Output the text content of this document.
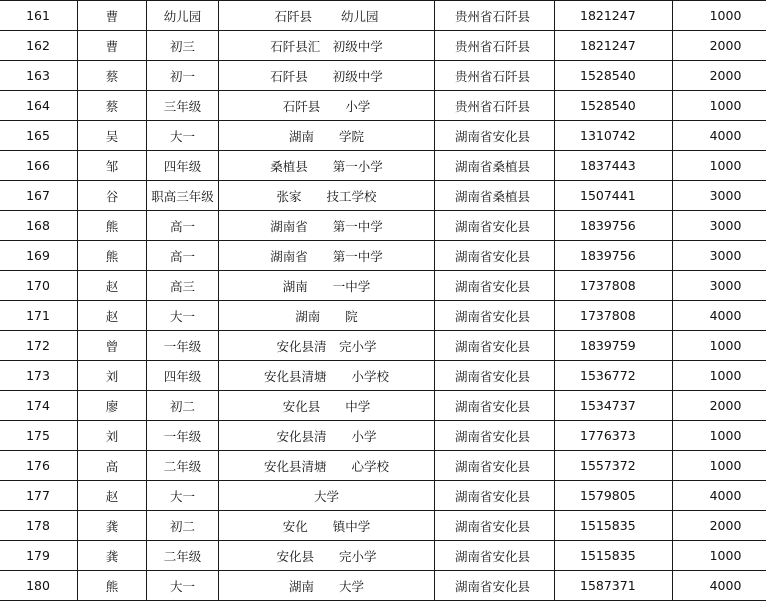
161	曹	幼儿园	石阡县　　 幼儿园	贵州省石阡县	1821247	1000
162	曹	初三	石阡县汇　初级中学	贵州省石阡县	1821247	2000
163	蔡	初一	石阡县　　初级中学	贵州省石阡县	1528540	2000
164	蔡	三年级	石阡县　　小学	贵州省石阡县	1528540	1000
165	吴	大一	湖南　　学院	湖南省安化县	1310742	4000
166	邹	四年级	桑植县　　第一小学	湖南省桑植县	1837443	1000
167	谷	职高三年级	张家　　技工学校	湖南省桑植县	1507441	3000
168	熊	高一	湖南省　　第一中学	湖南省安化县	1839756	3000
169	熊	高一	湖南省　　第一中学	湖南省安化县	1839756	3000
170	赵	高三	湖南　　一中学	湖南省安化县	1737808	3000
171	赵	大一	湖南　　院	湖南省安化县	1737808	4000
172	曾	一年级	安化县清　完小学	湖南省安化县	1839759	1000
173	刘	四年级	安化县清塘　　小学校	湖南省安化县	1536772	1000
174	廖	初二	安化县　　中学	湖南省安化县	1534737	2000
175	刘	一年级	安化县清　　小学	湖南省安化县	1776373	1000
176	高	二年级	安化县清塘　　心学校	湖南省安化县	1557372	1000
177	赵	大一	大学	湖南省安化县	1579805	4000
178	龚	初二	安化　　镇中学	湖南省安化县	1515835	2000
179	龚	二年级	安化县　　完小学	湖南省安化县	1515835	1000
180	熊	大一	湖南　　大学	湖南省安化县	1587371	4000
